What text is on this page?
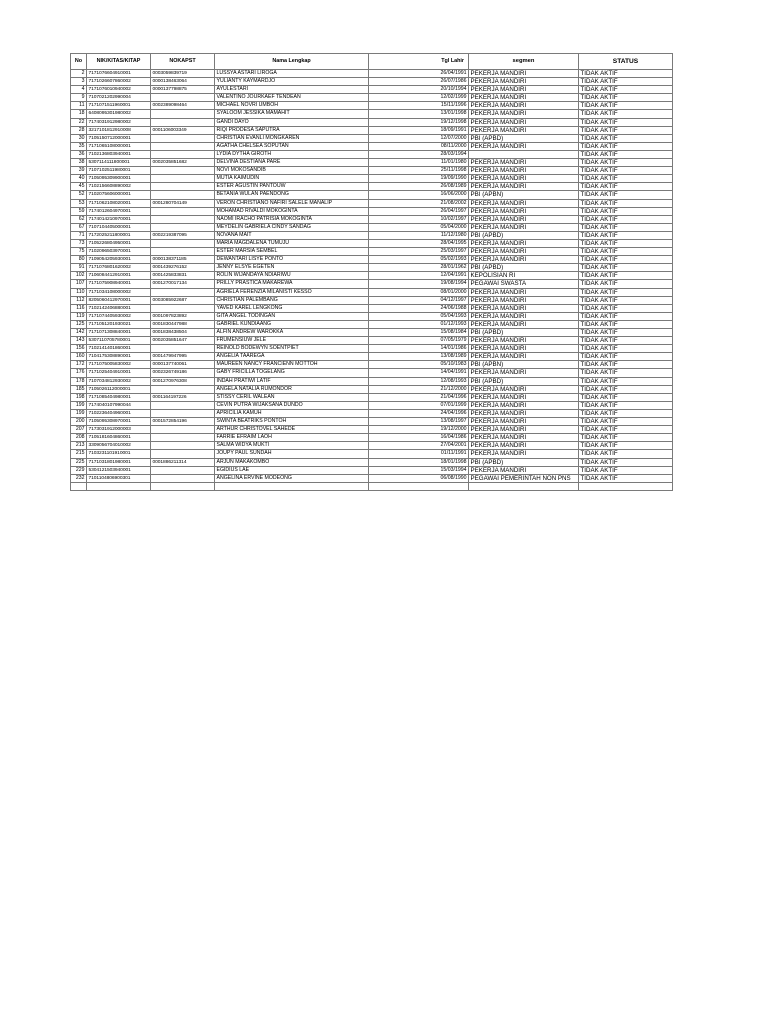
No	NIK/KITAS/KITAP	NOKAPST	Nama Lengkap	Tgl Lahir	segmen	STATUS
2	7171076604910001	0003059839719	LUSSYA ASTARI LIROGA	26/04/1991	PEKERJA MANDIRI	TIDAK AKTIF
3	7171026607860002	0000138463064	YULIANTY KAYMARDJO	26/07/1986	PEKERJA MANDIRI	TIDAK AKTIF
4	7171076010940002	0000137798875	AYULESTARI	20/10/1994	PEKERJA MANDIRI	TIDAK AKTIF
9	7107021202990004		VALENTINO JOURKAEF TENDEAN	12/02/1999	PEKERJA MANDIRI	TIDAK AKTIF
11	7171071511960001	0002389098464	MICHAEL NOVRI UMBOH	15/11/1996	PEKERJA MANDIRI	TIDAK AKTIF
18	6408095301980002		SYALOOM JESSIKA MAMAHIT	13/01/1998	PEKERJA MANDIRI	TIDAK AKTIF
22	7174031912980002		GANDI DAYO	19/12/1998	PEKERJA MANDIRI	TIDAK AKTIF
28	3217101812910008	0001106003349	RIQI PRODESA SAPUTRA	18/09/1991	PEKERJA MANDIRI	TIDAK AKTIF
30	7105150712000001		CHRISTIAN EVANLI MONGKAREN	12/07/2000	PBI (APBD)	TIDAK AKTIF
35	7171065108000001		AGATHA CHELSEA SOPUTAN	08/11/2000	PEKERJA MANDIRI	TIDAK AKTIF
36	7102136803940001		LYDIA DYTHA GIROTH	28/03/1994		TIDAK AKTIF
38	5307114111800001	0002035851682	DELVINA DESTIANA PARE	11/01/1980	PEKERJA MANDIRI	TIDAK AKTIF
39	7107102511980001		NOVI MOKOSANDIB	25/11/1998	PEKERJA MANDIRI	TIDAK AKTIF
40	7105095309900001		MUTIA KAIMUDIN	19/09/1990	PEKERJA MANDIRI	TIDAK AKTIF
45	7102156608890002		ESTER AGUSTIN PANTOUW	26/08/1989	PEKERJA MANDIRI	TIDAK AKTIF
52	7102075606000001		BETANIA WULAN PAENDONG	16/06/2000	PBI (APBN)	TIDAK AKTIF
53	7171062108020001	0001280704149	VERON CHRISTIANO NAFIRI SALELE MANALIP	21/08/2002	PEKERJA MANDIRI	TIDAK AKTIF
59	7174012604970001		MOHAMAD RIVALDI MOKOGINTA	26/04/1997	PEKERJA MANDIRI	TIDAK AKTIF
62	7174014210970001		NAOMI IRACHO PATRISIA MOKOGINTA	10/02/1997	PEKERJA MANDIRI	TIDAK AKTIF
67	7107104405000001		MEYDELIN GABRIELA CINDY SANDAG	05/04/2000	PEKERJA MANDIRI	TIDAK AKTIF
71	7172025211800001	0002219387095	NOVANA MAIT	11/12/1980	PBI (APBD)	TIDAK AKTIF
73	7105226804950001		MARIA MAGDALENA TUMUJU	28/04/1995	PEKERJA MANDIRI	TIDAK AKTIF
75	7102096503970001		ESTER MARSIA SEMBEL	25/03/1997	PEKERJA MANDIRI	TIDAK AKTIF
80	7109054205930001	0000138371185	DEWANTARI LISYE PONTO	05/02/1993	PEKERJA MANDIRI	TIDAK AKTIF
91	7171076801620002	0001439276152	JENNY ELSYE EGETEN	28/01/1962	PBI (APBD)	TIDAK AKTIF
102	7106084412910001	0001425833831	ROLIN WIJANDAYA NDIARIWU	12/04/1991	KEPOLISIAN RI	TIDAK AKTIF
107	7171075908940001	0001270017134	PRILLY PRASTICA MAKAREWA	19/08/1994	PEGAWAI SWASTA	TIDAK AKTIF
110	7171034108000002		AGRIELA FERENZIA MILANISTI KESSO	08/01/2000	PEKERJA MANDIRI	TIDAK AKTIF
112	8205060412970001	0003085922687	CHRISTIAN PALEMBANG	04/12/1997	PEKERJA MANDIRI	TIDAK AKTIF
116	7102142406880001		YAVED KAREL LENGKONG	24/06/1988	PEKERJA MANDIRI	TIDAK AKTIF
119	7171074405930002	0001097823892	GITA ANGEL TODINGAN	05/04/1993	PEKERJA MANDIRI	TIDAK AKTIF
125	7171051201930021	0001830447988	GABRIEL KUNDIAANG	01/12/1993	PEKERJA MANDIRI	TIDAK AKTIF
142	7171071308840001	0001838438504	ALFIN ANDREW WAROKKA	15/08/1984	PBI (APBD)	TIDAK AKTIF
143	5307110705780001	0002035851647	FRUMENSIUW JELE	07/05/1979	PEKERJA MANDIRI	TIDAK AKTIF
156	7102141401860001		REINOLD BODEWYN SOENTPIET	14/01/1986	PEKERJA MANDIRI	TIDAK AKTIF
160	7104175308890001	0001479947995	ANGELIA TAAREGA	13/08/1989	PEKERJA MANDIRI	TIDAK AKTIF
172	7171075005830002	0000137740061	MAUREEN NANCY FRANCIENN MOTTOH	05/10/1983	PBI (APBN)	TIDAK AKTIF
176	7171025404910001	0002326749186	GABY FRICILLA TOGELANG	14/04/1991	PEKERJA MANDIRI	TIDAK AKTIF
178	7107034812930002	0001270976308	INDAH PRATIWI LATIF	12/08/1993	PBI (APBD)	TIDAK AKTIF
185	7105026112000001		ANGELA NATALIA RUMONDOR	21/12/2000	PEKERJA MANDIRI	TIDAK AKTIF
198	7171085404980001	0001164197226	STISSY CERIL WALEAN	21/04/1996	PEKERJA MANDIRI	TIDAK AKTIF
199	7174040107990044		CEVIN PUTRA WIJAKSANA DUNDO	07/01/1999	PEKERJA MANDIRI	TIDAK AKTIF
199	7102236404960001		APRICILIA KAMUH	24/04/1996	PEKERJA MANDIRI	TIDAK AKTIF
200	7105095308970001	0001572854196	SWINTA BEATRIKS PONTOH	13/08/1997	PEKERJA MANDIRI	TIDAK AKTIF
207	7173031912000003		ARTHUR CHRISTOVEL SAHEDE	19/12/2000	PEKERJA MANDIRI	TIDAK AKTIF
208	7105181604860001		FARRIE EFRAIM LAOH	16/04/1986	PEKERJA MANDIRI	TIDAK AKTIF
213	3309056704010002		SALMA WIDYA MUKTI	27/04/2001	PEKERJA MANDIRI	TIDAK AKTIF
215	7103231101910001		JOUPY PAUL SUNDAH	01/11/1991	PEKERJA MANDIRI	TIDAK AKTIF
225	7171031801980001	0001886211314	ARJUN MAKAKOMBO	18/01/1998	PBI (APBD)	TIDAK AKTIF
229	5304121503940001		EGIDIUS LAE	15/03/1994	PEKERJA MANDIRI	TIDAK AKTIF
232	7101104806900301		ANGELINA ERVINE MODEONG	06/08/1990	PEGAWAI PEMERINTAH NON PNS	TIDAK AKTIF
